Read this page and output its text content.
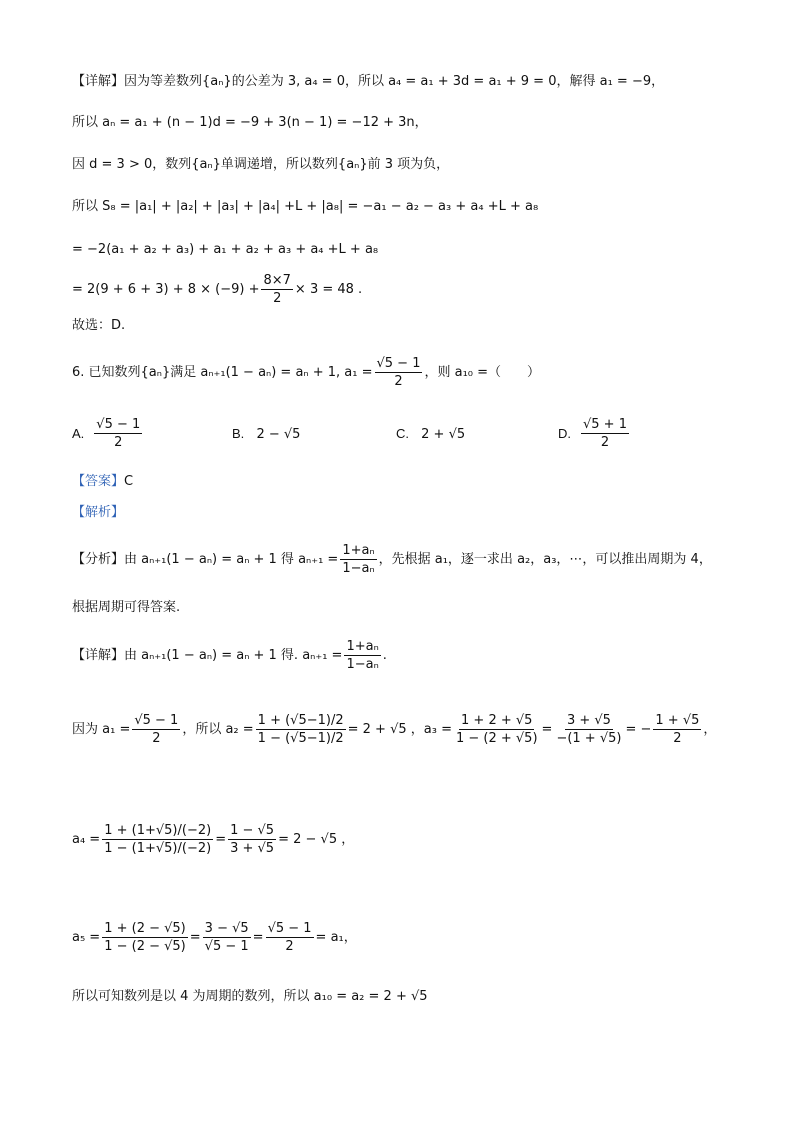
【详解】因为等差数列{aₙ}的公差为 3, a₄ = 0，所以 a₄ = a₁ + 3d = a₁ + 9 = 0，解得 a₁ = −9，
所以 aₙ = a₁ + (n − 1)d = −9 + 3(n − 1) = −12 + 3n，
因 d = 3 > 0，数列{aₙ}单调递增，所以数列{aₙ}前 3 项为负，
所以 S₈ = |a₁| + |a₂| + |a₃| + |a₄| +L + |a₈| = −a₁ − a₂ − a₃ + a₄ +L + a₈
= −2(a₁ + a₂ + a₃) + a₁ + a₂ + a₃ + a₄ +L + a₈
= $2(9 + 6 + 3) + 8 \times (-9) + \frac{8\times 7}{2} \times 3 = 48$ .
故选：D.
6. 已知数列{aₙ}满足 aₙ₊₁(1 − aₙ) = aₙ + 1, $a_1 = \frac{√5 - 1}{2}$ ，则 a₁₀ =（　　）
A. $\frac{√5 - 1}{2}$	B. 2 − √5	C. 2 + √5	D. $\frac{√5 + 1}{2}$
【答案】C
【解析】
【分析】由 aₙ₊₁(1 − aₙ) = aₙ + 1 得 $a_{n+1} = \frac{\text{1+aₙ}}{\text{1−aₙ}}$ ，先根据 a₁，逐一求出 a₂，a₃，⋯，可以推出周期为 4，
根据周期可得答案.
【详解】由 aₙ₊₁(1 − aₙ) = aₙ + 1 得. $a_{n+1} = \frac{\text{1+aₙ}}{\text{1−aₙ}}$ .
因为 $a_1 = \frac{√5 - 1}{2}$ ，所以 $a_2 = \frac{1 + (√5-1)/2}{1 - (√5-1)/2} = 2 + √5$ ，$a_3 = \frac{1 + 2 + √5}{1 - (2 + √5)} = \frac{3 + √5}{-(1 + √5)}$ = − $\frac{1 + √5}{2}$ ，
$a_4 = \frac{1 + (1+√5)/(-2)}{1 - (1+√5)/(-2)} = \frac{1 - √5}{3 + √5} = 2 - √5$ ，
$a_5 = \frac{1 + (2 - √5)}{1 - (2 - √5)} = \frac{3 - √5}{√5 - 1} = \frac{√5 - 1}{2} = a_1$，
所以可知数列是以 4 为周期的数列，所以 a₁₀ = a₂ = 2 + √5
